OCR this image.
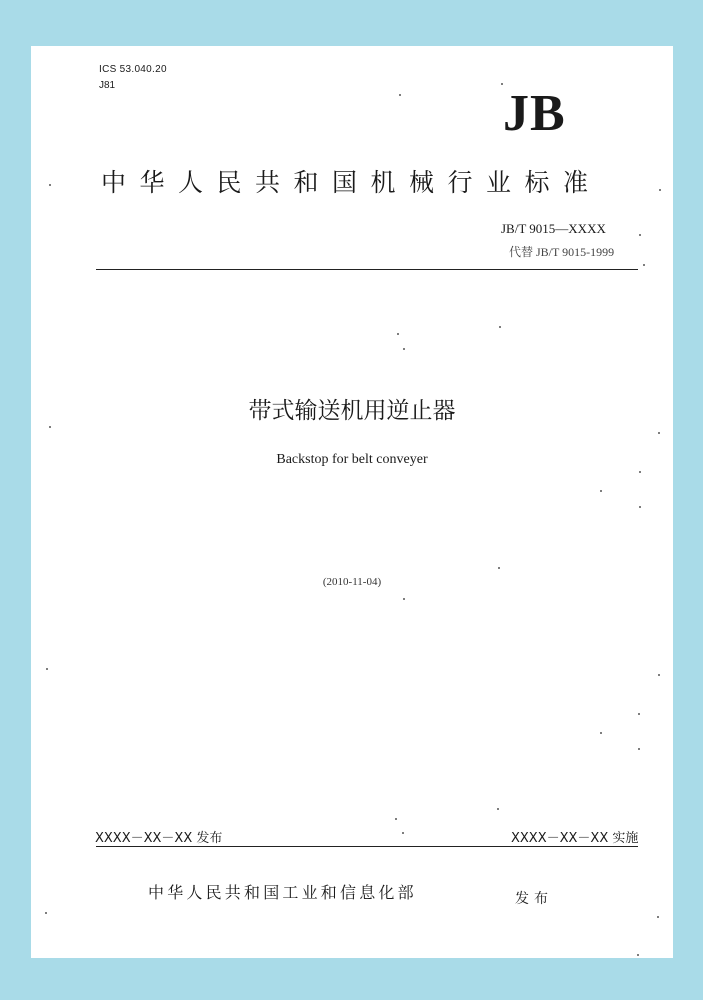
ICS 53.040.20
J81	JB
中华人民共和国机械行业标准
JB/T 9015—XXXX
代替 JB/T 9015-1999
带式输送机用逆止器
Backstop for belt conveyer
(2010-11-04)
XXXX－XX－XX 发布	XXXX－XX－XX 实施
中华人民共和国工业和信息化部	发布
